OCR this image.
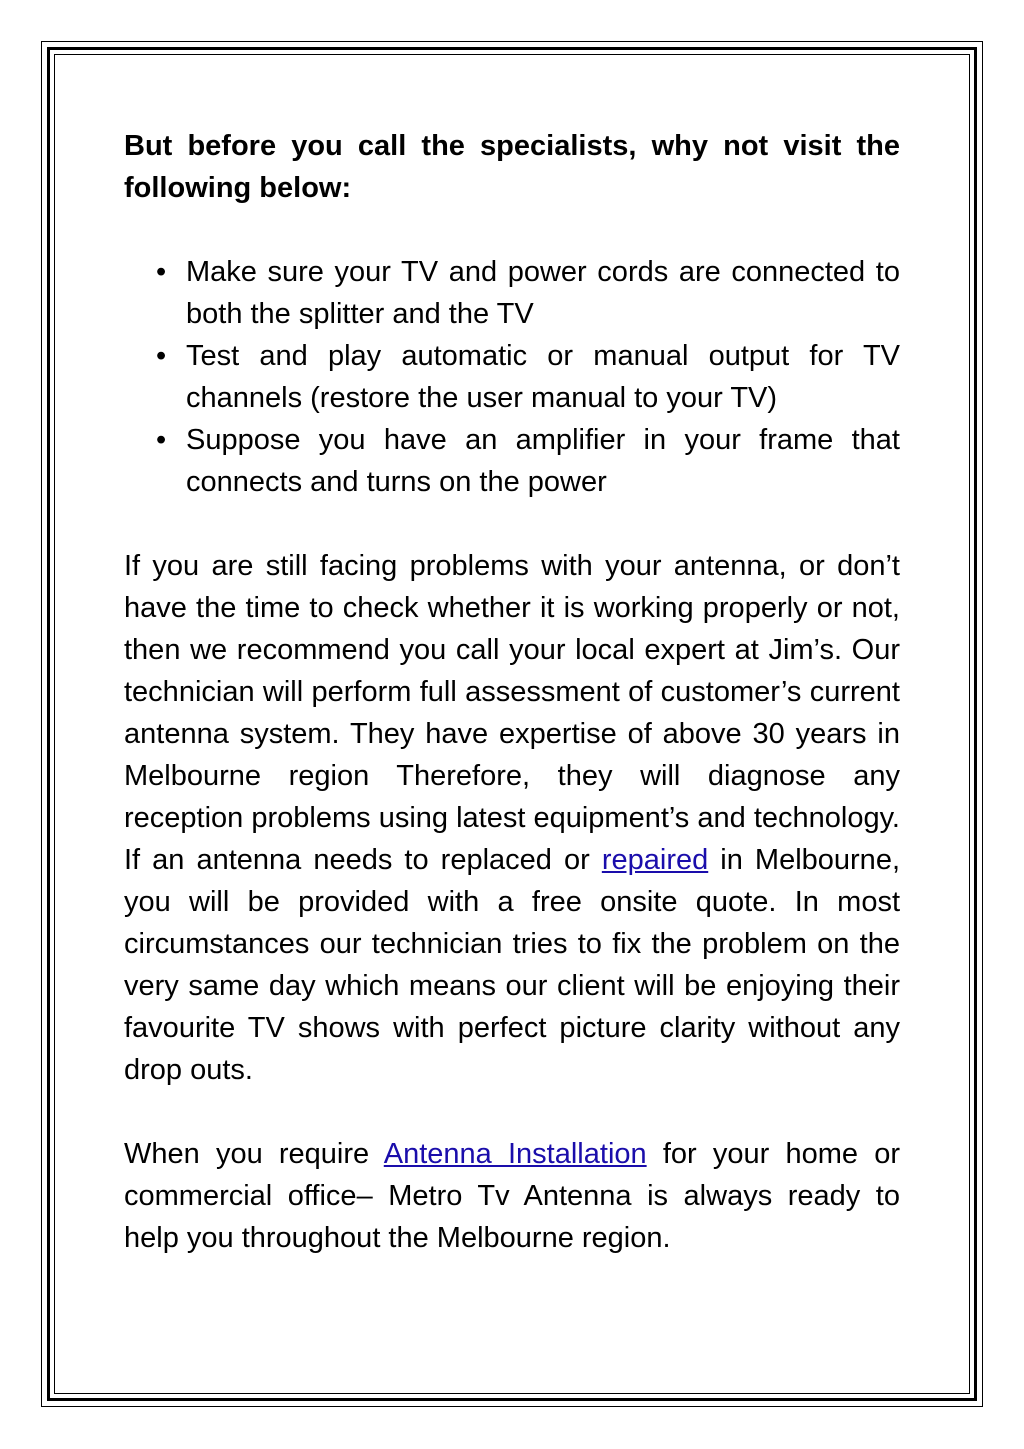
But before you call the specialists, why not visit the following below:

• Make sure your TV and power cords are connected to both the splitter and the TV
• Test and play automatic or manual output for TV channels (restore the user manual to your TV)
• Suppose you have an amplifier in your frame that connects and turns on the power

If you are still facing problems with your antenna, or don’t have the time to check whether it is working properly or not, then we recommend you call your local expert at Jim’s. Our technician will perform full assessment of customer’s current antenna system. They have expertise of above 30 years in Melbourne region Therefore, they will diagnose any reception problems using latest equipment’s and technology. If an antenna needs to replaced or repaired in Melbourne, you will be provided with a free onsite quote. In most circumstances our technician tries to fix the problem on the very same day which means our client will be enjoying their favourite TV shows with perfect picture clarity without any drop outs.

When you require Antenna Installation for your home or commercial office– Metro Tv Antenna is always ready to help you throughout the Melbourne region.
